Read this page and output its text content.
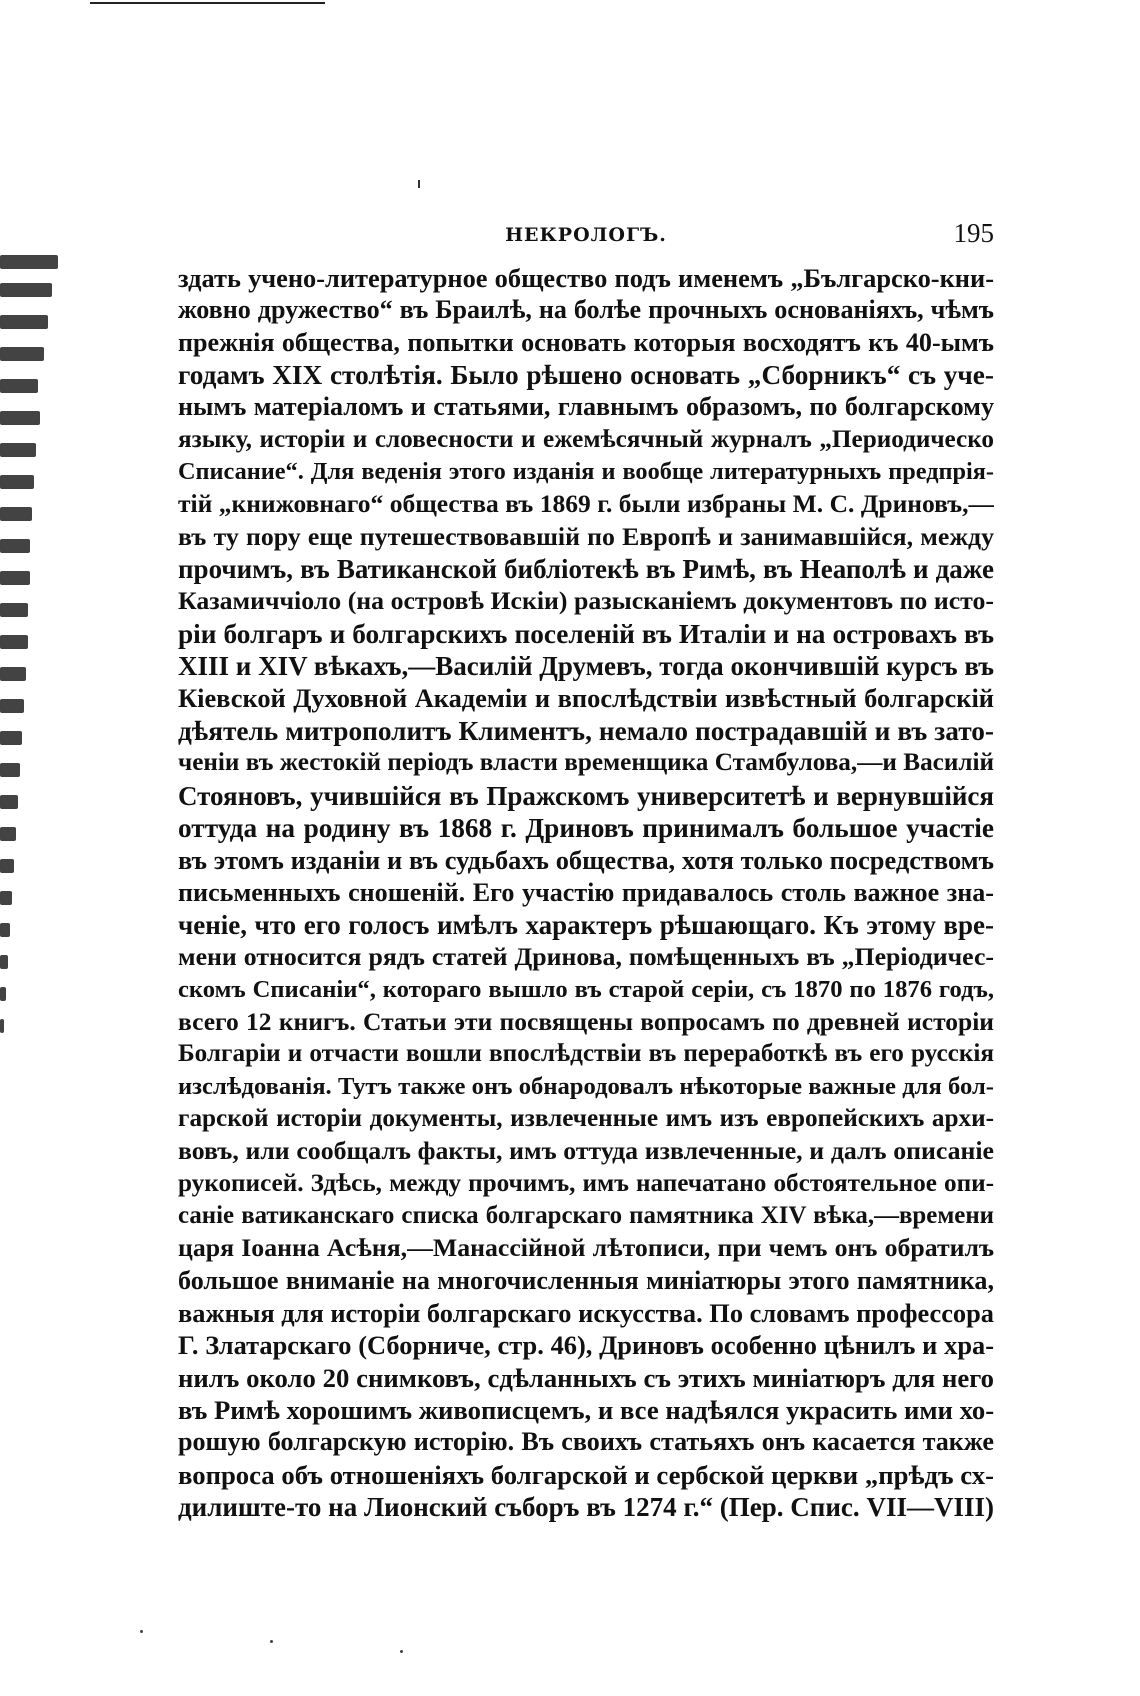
НЕКРОЛОГЪ.	195
здать учено-литературное общество подъ именемъ „Българско-кни-
жовно дружество“ въ Браилѣ, на болѣе прочныхъ основаніяхъ, чѣмъ
прежнія общества, попытки основать которыя восходятъ къ 40-ымъ
годамъ XIX столѣтія. Было рѣшено основать „Сборникъ“ съ уче-
нымъ матеріаломъ и статьями, главнымъ образомъ, по болгарскому
языку, исторіи и словесности и ежемѣсячный журналъ „Периодическо
Списание“. Для веденія этого изданія и вообще литературныхъ предпрія-
тій „книжовнаго“ общества въ 1869 г. были избраны М. С. Дриновъ,—
въ ту пору еще путешествовавшій по Европѣ и занимавшійся, между
прочимъ, въ Ватиканской библіотекѣ въ Римѣ, въ Неаполѣ и даже
Казамиччіоло (на островѣ Искіи) разысканіемъ документовъ по исто-
ріи болгаръ и болгарскихъ поселеній въ Италіи и на островахъ въ
XIII и XIV вѣкахъ,—Василій Друмевъ, тогда окончившій курсъ въ
Кіевской Духовной Академіи и впослѣдствіи извѣстный болгарскій
дѣятель митрополитъ Климентъ, немало пострадавшій и въ зато-
ченіи въ жестокій періодъ власти временщика Стамбулова,—и Василій
Стояновъ, учившійся въ Пражскомъ университетѣ и вернувшійся
оттуда на родину въ 1868 г. Дриновъ принималъ большое участіе
въ этомъ изданіи и въ судьбахъ общества, хотя только посредствомъ
письменныхъ сношеній. Его участію придавалось столь важное зна-
ченіе, что его голосъ имѣлъ характеръ рѣшающаго. Къ этому вре-
мени относится рядъ статей Дринова, помѣщенныхъ въ „Періодичес-
скомъ Списаніи“, котораго вышло въ старой серіи, съ 1870 по 1876 годъ,
всего 12 книгъ. Статьи эти посвящены вопросамъ по древней исторіи
Болгаріи и отчасти вошли впослѣдствіи въ переработкѣ въ его русскія
изслѣдованія. Тутъ также онъ обнародовалъ нѣкоторые важные для бол-
гарской исторіи документы, извлеченные имъ изъ европейскихъ архи-
вовъ, или сообщалъ факты, имъ оттуда извлеченные, и далъ описаніе
рукописей. Здѣсь, между прочимъ, имъ напечатано обстоятельное опи-
саніе ватиканскаго списка болгарскаго памятника XIV вѣка,—времени
царя Іоанна Асѣня,—Манассійной лѣтописи, при чемъ онъ обратилъ
большое вниманіе на многочисленныя миніатюры этого памятника,
важныя для исторіи болгарскаго искусства. По словамъ профессора
Г. Златарскаго (Сборниче, стр. 46), Дриновъ особенно цѣнилъ и хра-
нилъ около 20 снимковъ, сдѣланныхъ съ этихъ миніатюръ для него
въ Римѣ хорошимъ живописцемъ, и все надѣялся украсить ими хо-
рошую болгарскую исторію. Въ своихъ статьяхъ онъ касается также
вопроса объ отношеніяхъ болгарской и сербской церкви „прѣдъ сх-
дилиште-то на Лионский съборъ въ 1274 г.“ (Пер. Спис. VII—VIII)
